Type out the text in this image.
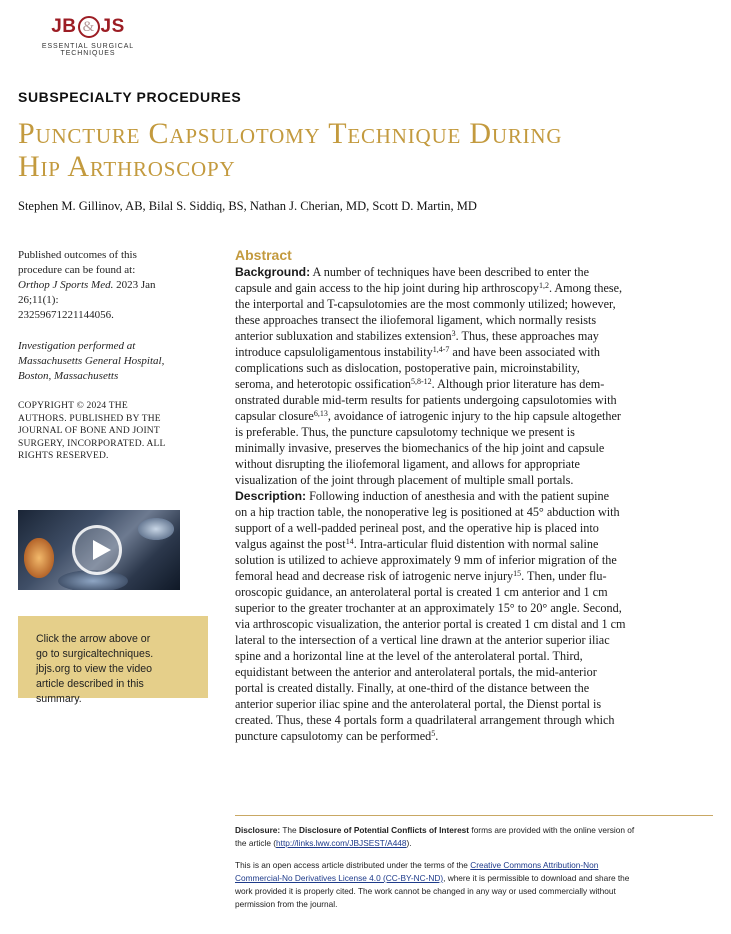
JB & JS
ESSENTIAL SURGICAL TECHNIQUES
SUBSPECIALTY PROCEDURES
Puncture Capsulotomy Technique During
Hip Arthroscopy
Stephen M. Gillinov, AB, Bilal S. Siddiq, BS, Nathan J. Cherian, MD, Scott D. Martin, MD
Published outcomes of this
procedure can be found at:
Orthop J Sports Med. 2023 Jan
26;11(1):
23259671221144056.
Investigation performed at
Massachusetts General Hospital,
Boston, Massachusetts
COPYRIGHT © 2024 THE
AUTHORS. PUBLISHED BY THE
JOURNAL OF BONE AND JOINT
SURGERY, INCORPORATED. ALL
RIGHTS RESERVED.
Click the arrow above or
go to surgicaltechniques.
jbjs.org to view the video
article described in this
summary.
Abstract
Background: A number of techniques have been described to enter the
capsule and gain access to the hip joint during hip arthroscopy$^{1,2}$. Among these,
the interportal and T-capsulotomies are the most commonly utilized; however,
these approaches transect the iliofemoral ligament, which normally resists
anterior subluxation and stabilizes extension$^3$. Thus, these approaches may
introduce capsuloligamentous instability$^{1,4-7}$ and have been associated with
complications such as dislocation, postoperative pain, microinstability,
seroma, and heterotopic ossification$^{5,8-12}$. Although prior literature has dem-
onstrated durable mid-term results for patients undergoing capsulotomies with
capsular closure$^{6,13}$, avoidance of iatrogenic injury to the hip capsule altogether
is preferable. Thus, the puncture capsulotomy technique we present is
minimally invasive, preserves the biomechanics of the hip joint and capsule
without disrupting the iliofemoral ligament, and allows for appropriate
visualization of the joint through placement of multiple small portals.
Description: Following induction of anesthesia and with the patient supine
on a hip traction table, the nonoperative leg is positioned at 45° abduction with
support of a well-padded perineal post, and the operative hip is placed into
valgus against the post$^{14}$. Intra-articular fluid distention with normal saline
solution is utilized to achieve approximately 9 mm of inferior migration of the
femoral head and decrease risk of iatrogenic nerve injury$^{15}$. Then, under flu-
oroscopic guidance, an anterolateral portal is created 1 cm anterior and 1 cm
superior to the greater trochanter at an approximately 15° to 20° angle. Second,
via arthroscopic visualization, the anterior portal is created 1 cm distal and 1 cm
lateral to the intersection of a vertical line drawn at the anterior superior iliac
spine and a horizontal line at the level of the anterolateral portal. Third,
equidistant between the anterior and anterolateral portals, the mid-anterior
portal is created distally. Finally, at one-third of the distance between the
anterior superior iliac spine and the anterolateral portal, the Dienst portal is
created. Thus, these 4 portals form a quadrilateral arrangement through which
puncture capsulotomy can be performed$^5$.
Disclosure: The Disclosure of Potential Conflicts of Interest forms are provided with the online version of
the article (http://links.lww.com/JBJSEST/A448).
This is an open access article distributed under the terms of the Creative Commons Attribution-Non
Commercial-No Derivatives License 4.0 (CC-BY-NC-ND), where it is permissible to download and share the
work provided it is properly cited. The work cannot be changed in any way or used commercially without
permission from the journal.
